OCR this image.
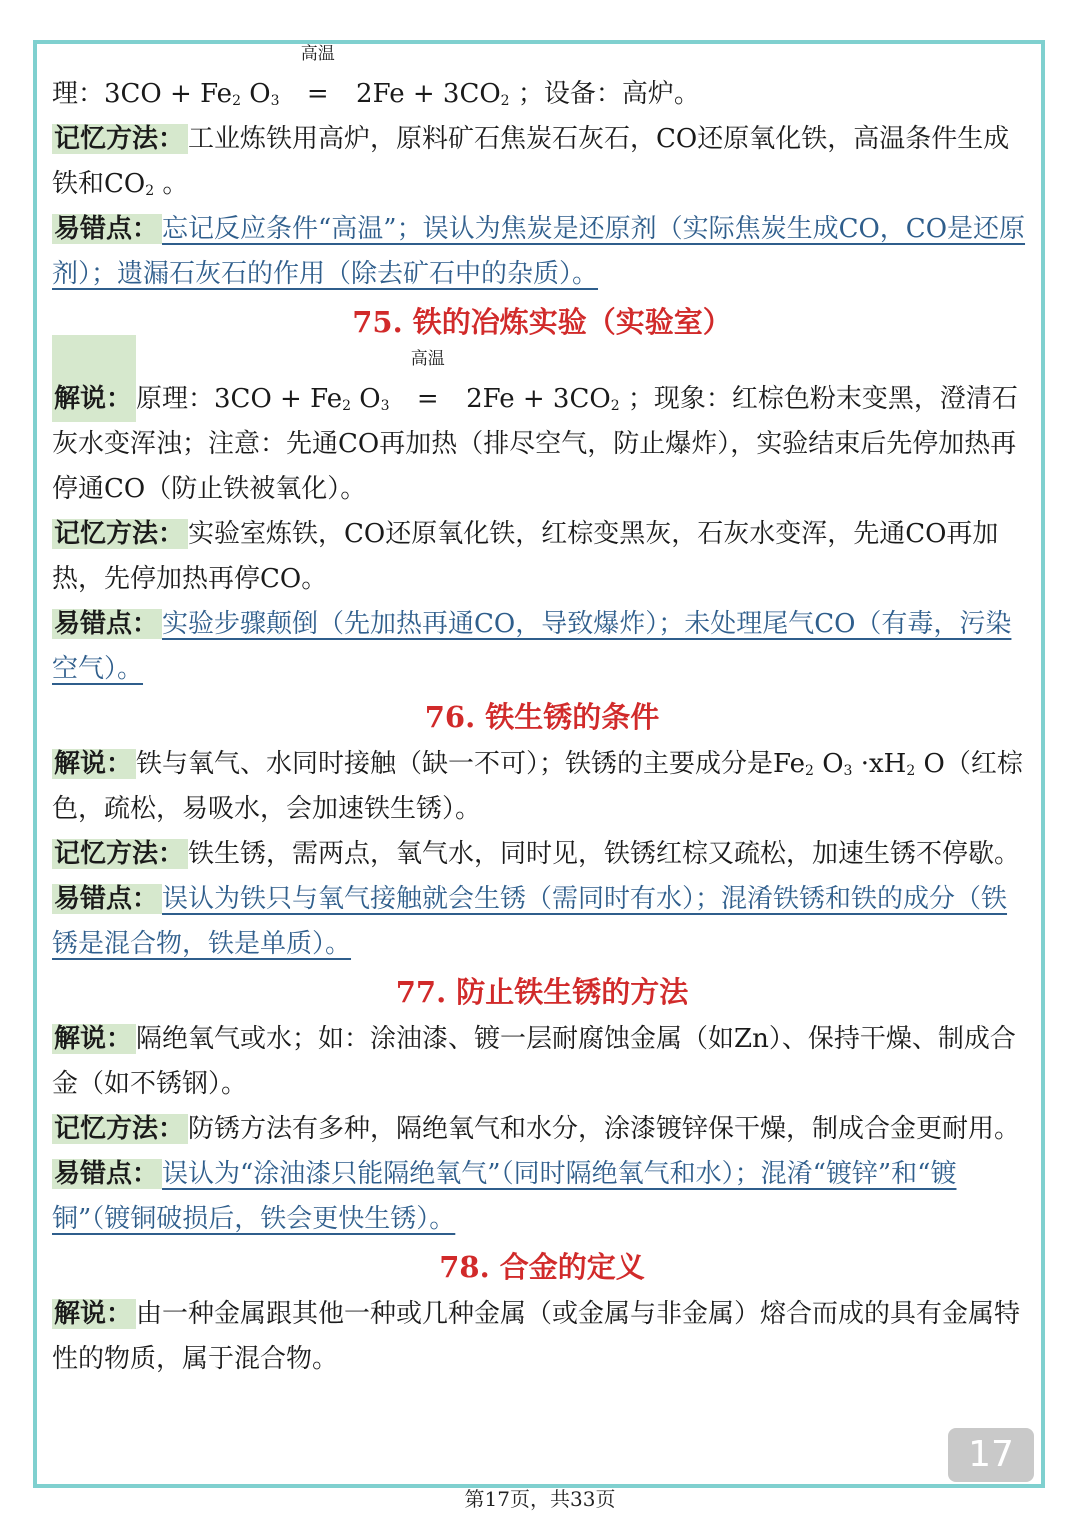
理：$3CO + Fe_2$ $O_3$
高温
= $2Fe + 3CO_2$ ；设备：高炉。

记忆方法： 工业炼铁用高炉，原料矿石焦炭石灰石，CO还原氧化铁，高温条件生成铁和$CO_2$ 。

易错点： 忘记反应条件“高温”；误认为焦炭是还原剂（实际焦炭生成CO，CO是还原剂）；遗漏石灰石的作用（除去矿石中的杂质）。

75. 铁的冶炼实验（实验室）

解说： 原理：$3CO + Fe_2$ $O_3$
高温
= $2Fe + 3CO_2$ ；现象：红棕色粉末变黑，澄清石灰水变浑浊；注意：先通CO再加热（排尽空气，防止爆炸），实验结束后先停加热再停通CO（防止铁被氧化）。

记忆方法： 实验室炼铁，CO还原氧化铁，红棕变黑灰，石灰水变浑，先通CO再加热，先停加热再停CO。

易错点： 实验步骤颠倒（先加热再通CO，导致爆炸）；未处理尾气CO（有毒，污染空气）。

76. 铁生锈的条件

解说： 铁与氧气、水同时接触（缺一不可）；铁锈的主要成分是$Fe_2$ $O_3 \cdot xH_2$ O（红棕色，疏松，易吸水，会加速铁生锈）。

记忆方法： 铁生锈，需两点，氧气水，同时见，铁锈红棕又疏松，加速生锈不停歇。

易错点： 误认为铁只与氧气接触就会生锈（需同时有水）；混淆铁锈和铁的成分（铁锈是混合物，铁是单质）。

77. 防止铁生锈的方法

解说： 隔绝氧气或水；如：涂油漆、镀一层耐腐蚀金属（如Zn）、保持干燥、制成合金（如不锈钢）。

记忆方法： 防锈方法有多种，隔绝氧气和水分，涂漆镀锌保干燥，制成合金更耐用。

易错点： 误认为“涂油漆只能隔绝氧气”（同时隔绝氧气和水）；混淆“镀锌”和“镀铜”（镀铜破损后，铁会更快生锈）。

78. 合金的定义

解说： 由一种金属跟其他一种或几种金属（或金属与非金属）熔合而成的具有金属特性的物质，属于混合物。

17
第17页，共33页
